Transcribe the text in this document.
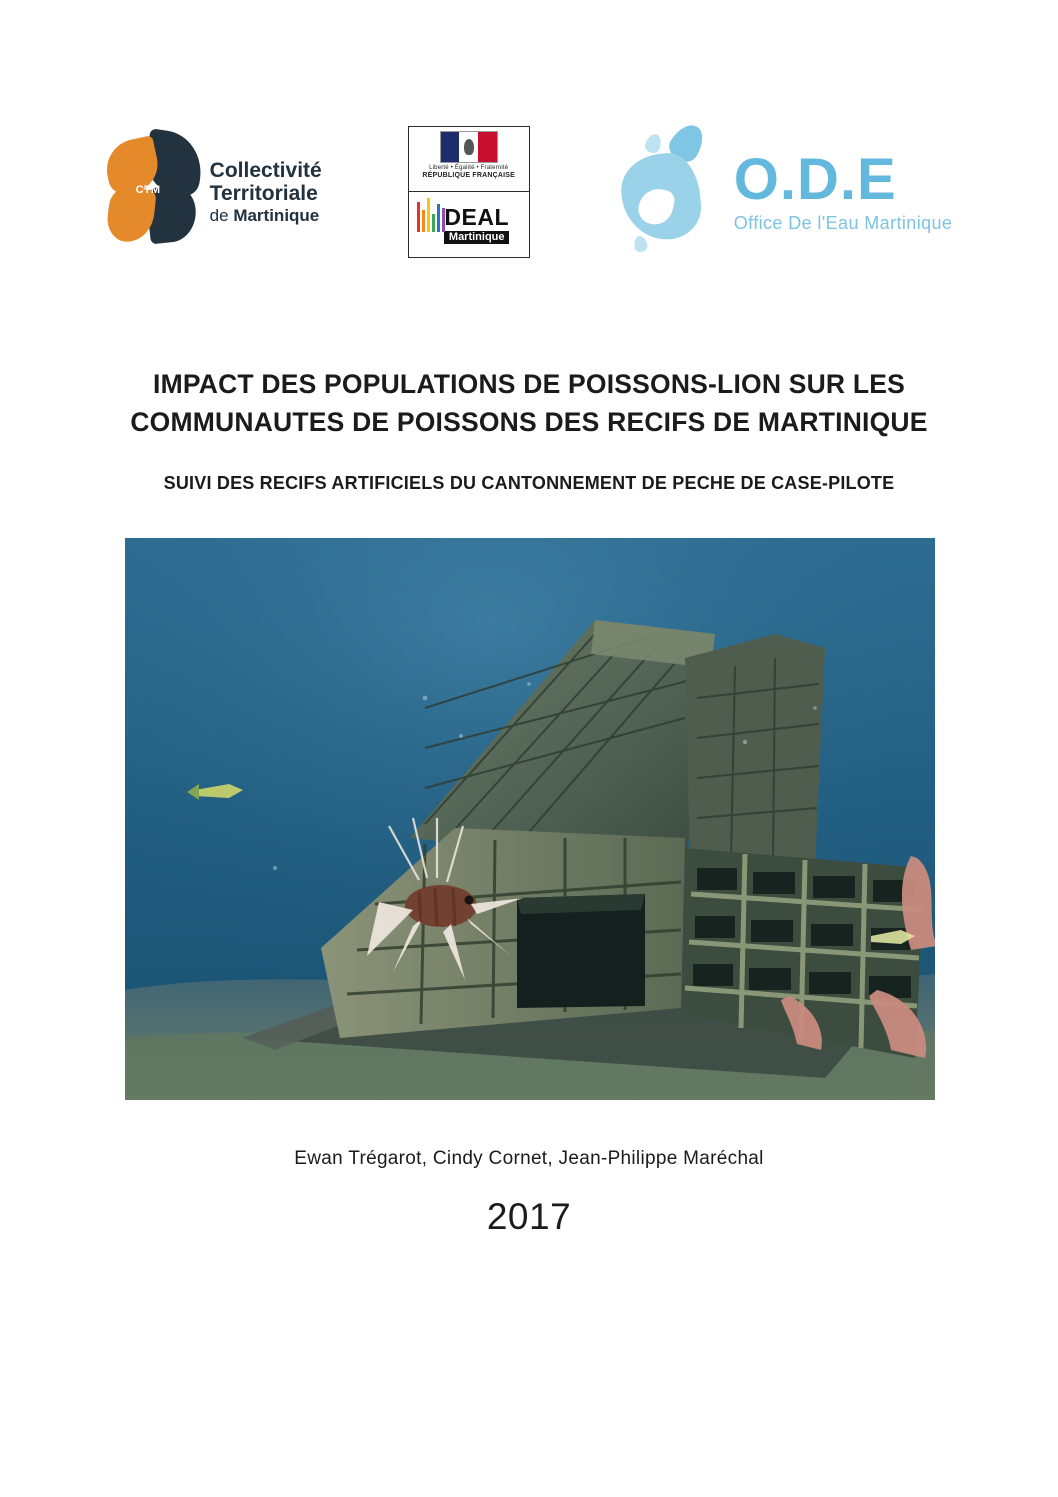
CTM
Collectivité
Territoriale
de Martinique
Liberté • Égalité • Fraternité
RÉPUBLIQUE FRANÇAISE
DEAL
Martinique
O.D.E
Office De l'Eau Martinique
IMPACT DES POPULATIONS DE POISSONS-LION SUR LES
COMMUNAUTES DE POISSONS DES RECIFS DE MARTINIQUE
SUIVI DES RECIFS ARTIFICIELS DU CANTONNEMENT DE PECHE DE CASE-PILOTE
Ewan Trégarot, Cindy Cornet, Jean-Philippe Maréchal
2017
